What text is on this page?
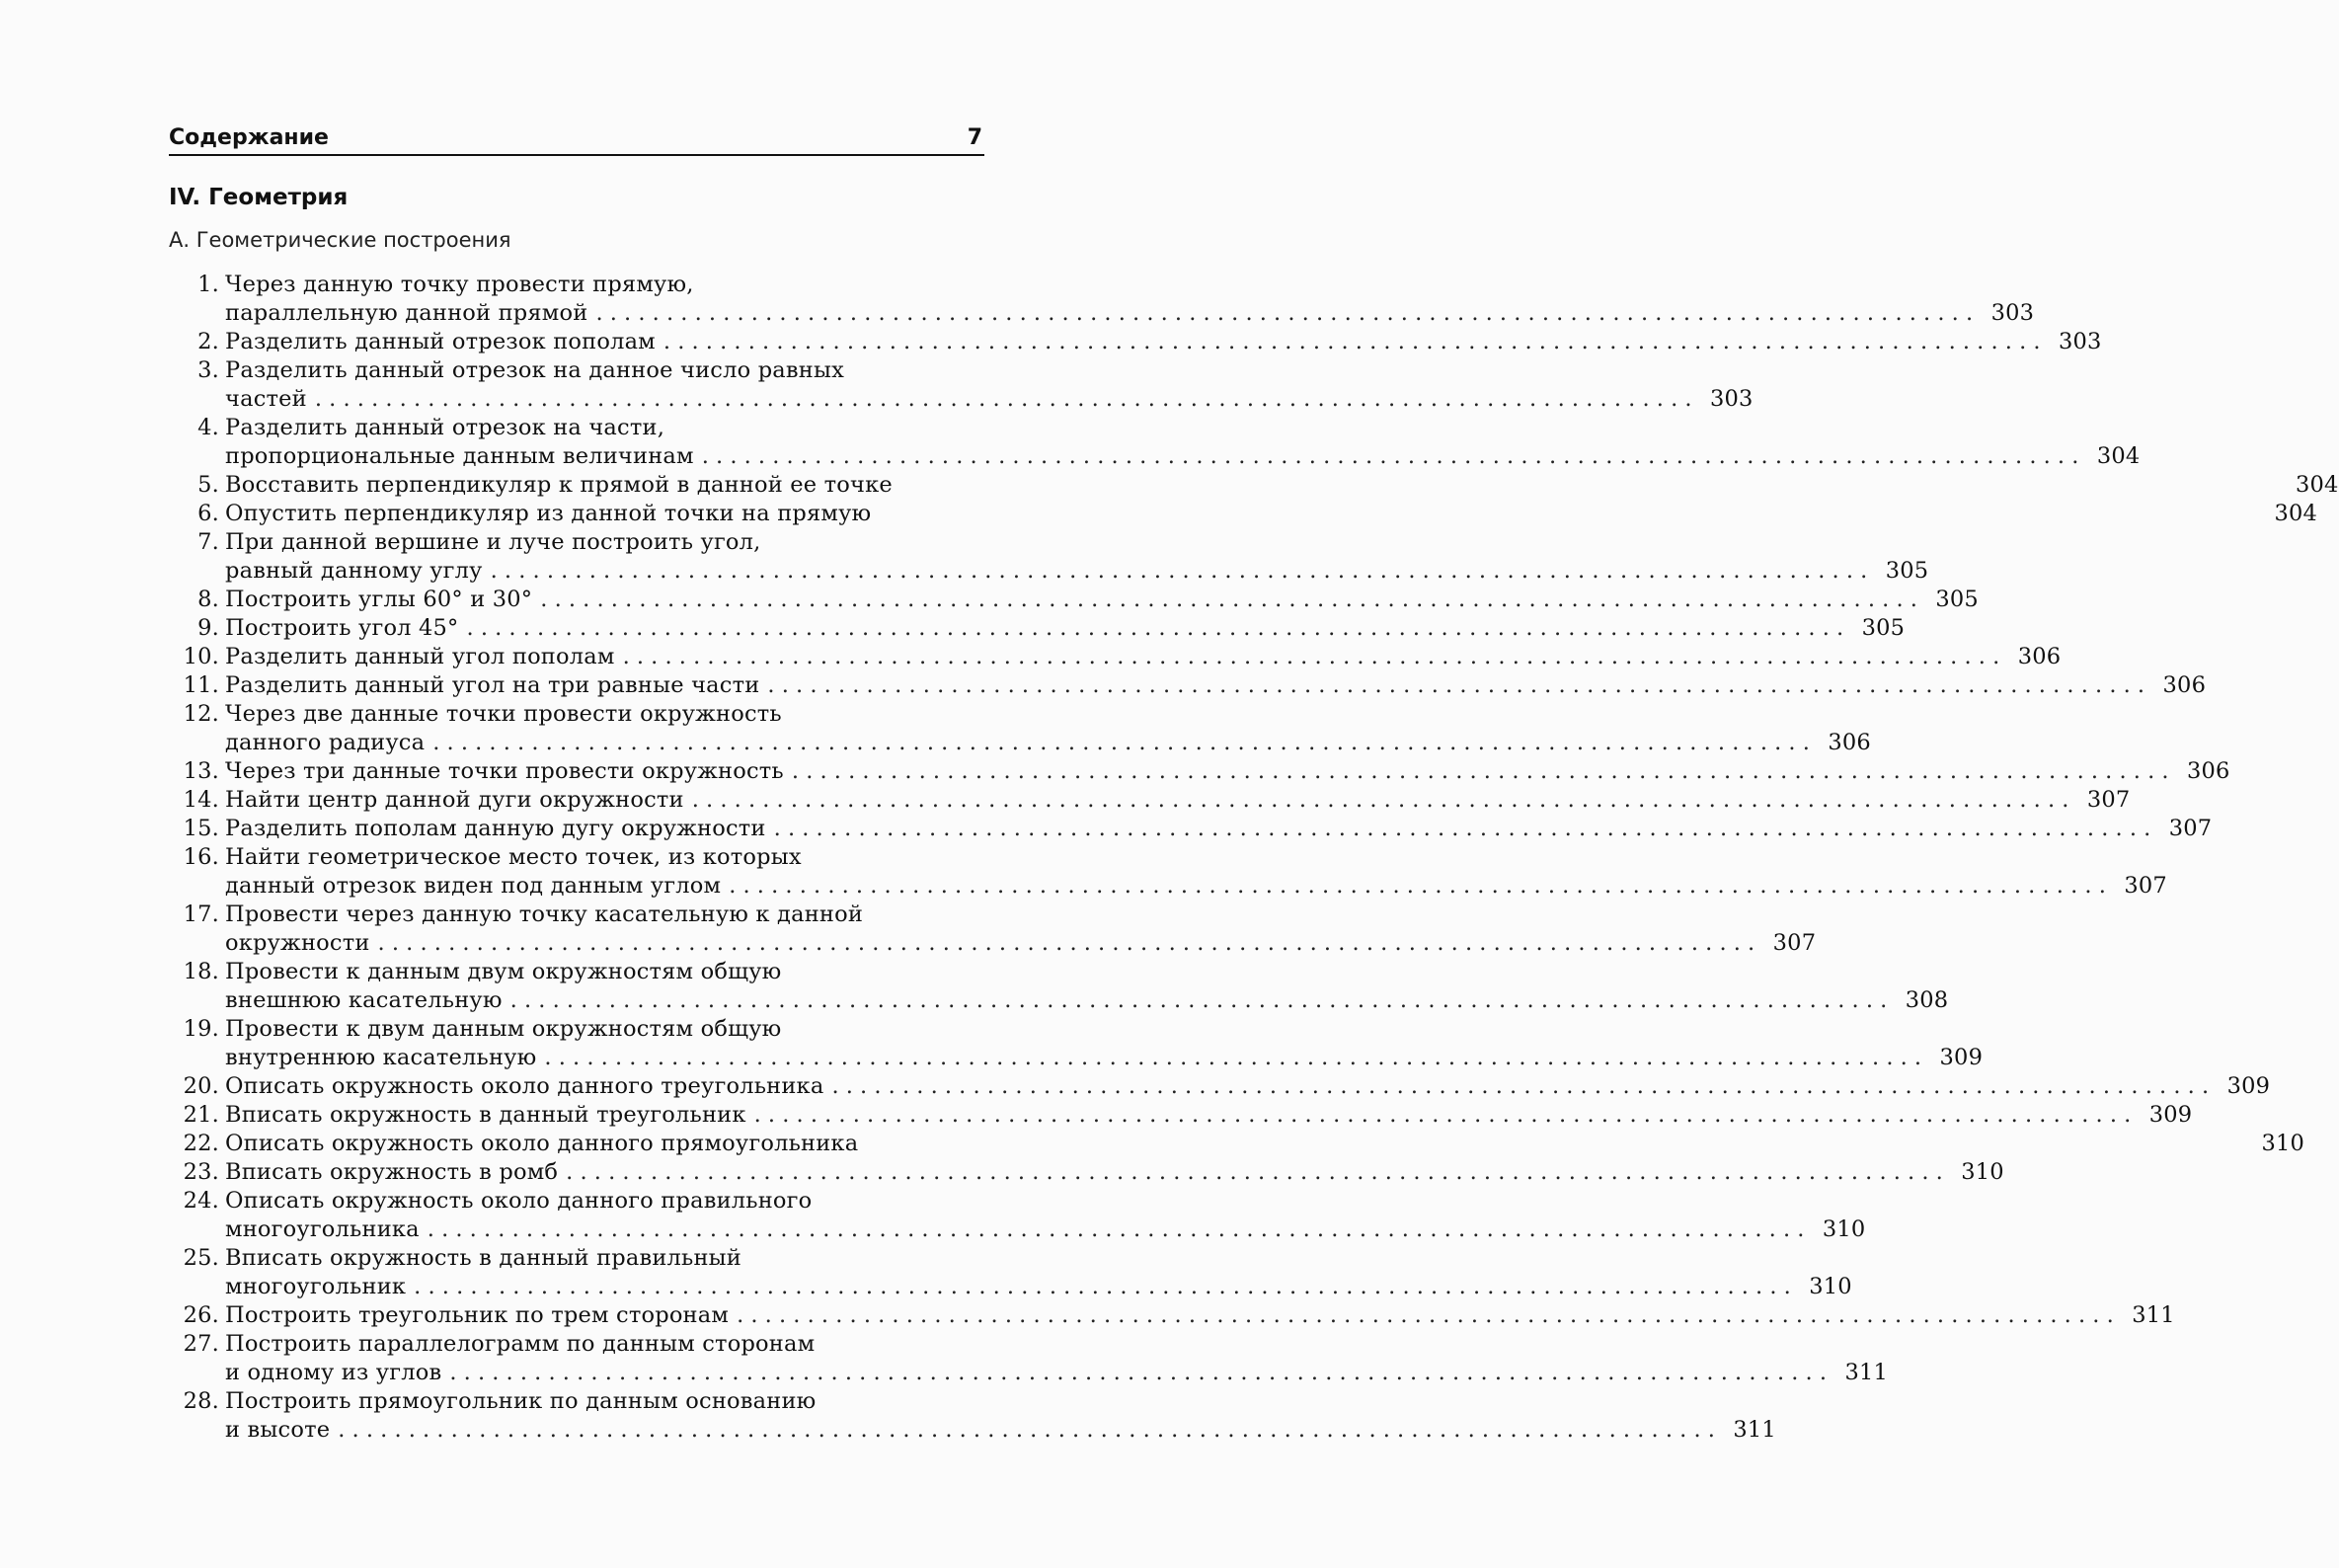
Содержание	7
IV. Геометрия
А. Геометрические построения
1. Через данную точку провести прямую,
параллельную данной прямой . . .	303
2. Разделить данный отрезок пополам . . .	303
3. Разделить данный отрезок на данное число равных
частей . . .	303
4. Разделить данный отрезок на части,
пропорциональные данным величинам . . .	304
5. Восставить перпендикуляр к прямой в данной ее точке	304
6. Опустить перпендикуляр из данной точки на прямую	304
7. При данной вершине и луче построить угол,
равный данному углу . . .	305
8. Построить углы 60° и 30° . . .	305
9. Построить угол 45° . . .	305
10. Разделить данный угол пополам . . .	306
11. Разделить данный угол на три равные части . . .	306
12. Через две данные точки провести окружность
данного радиуса . . .	306
13. Через три данные точки провести окружность . . .	306
14. Найти центр данной дуги окружности . . .	307
15. Разделить пополам данную дугу окружности . . .	307
16. Найти геометрическое место точек, из которых
данный отрезок виден под данным углом . . .	307
17. Провести через данную точку касательную к данной
окружности . . .	307
18. Провести к данным двум окружностям общую
внешнюю касательную . . .	308
19. Провести к двум данным окружностям общую
внутреннюю касательную . . .	309
20. Описать окружность около данного треугольника . . .	309
21. Вписать окружность в данный треугольник . . .	309
22. Описать окружность около данного прямоугольника	310
23. Вписать окружность в ромб . . .	310
24. Описать окружность около данного правильного
многоугольника . . .	310
25. Вписать окружность в данный правильный
многоугольник . . .	310
26. Построить треугольник по трем сторонам . . .	311
27. Построить параллелограмм по данным сторонам
и одному из углов . . .	311
28. Построить прямоугольник по данным основанию
и высоте . . .	311
